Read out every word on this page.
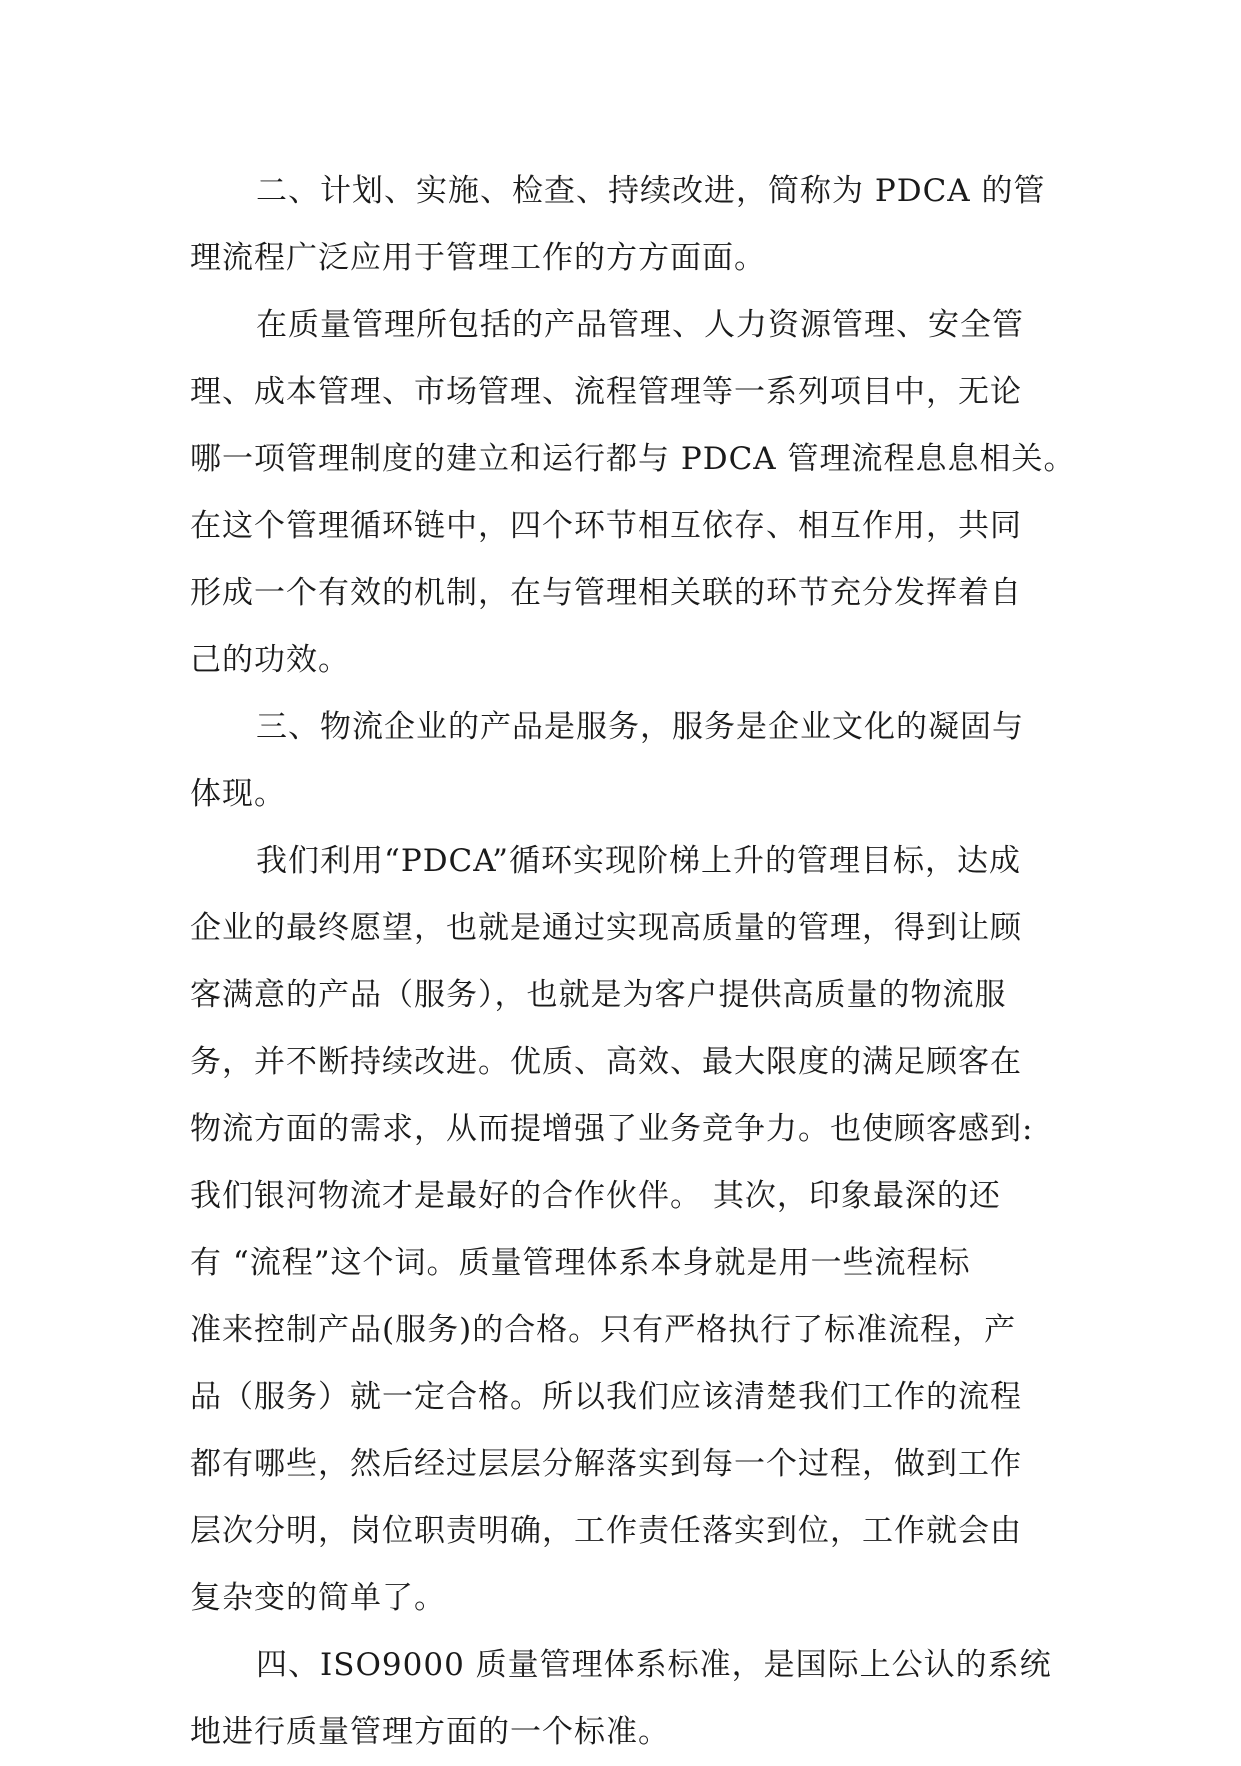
二、计划、实施、检查、持续改进，简称为 PDCA 的管
理流程广泛应用于管理工作的方方面面。
在质量管理所包括的产品管理、人力资源管理、安全管
理、成本管理、市场管理、流程管理等一系列项目中，无论
哪一项管理制度的建立和运行都与 PDCA 管理流程息息相关。
在这个管理循环链中，四个环节相互依存、相互作用，共同
形成一个有效的机制，在与管理相关联的环节充分发挥着自
己的功效。
三、物流企业的产品是服务，服务是企业文化的凝固与
体现。
我们利用“PDCA”循环实现阶梯上升的管理目标，达成
企业的最终愿望，也就是通过实现高质量的管理，得到让顾
客满意的产品（服务），也就是为客户提供高质量的物流服
务，并不断持续改进。优质、高效、最大限度的满足顾客在
物流方面的需求，从而提增强了业务竞争力。也使顾客感到:
我们银河物流才是最好的合作伙伴。 其次，印象最深的还
有 “流程”这个词。质量管理体系本身就是用一些流程标
准来控制产品(服务)的合格。只有严格执行了标准流程，产
品（服务）就一定合格。所以我们应该清楚我们工作的流程
都有哪些，然后经过层层分解落实到每一个过程，做到工作
层次分明，岗位职责明确，工作责任落实到位，工作就会由
复杂变的简单了。
四、ISO9000 质量管理体系标准，是国际上公认的系统
地进行质量管理方面的一个标准。
